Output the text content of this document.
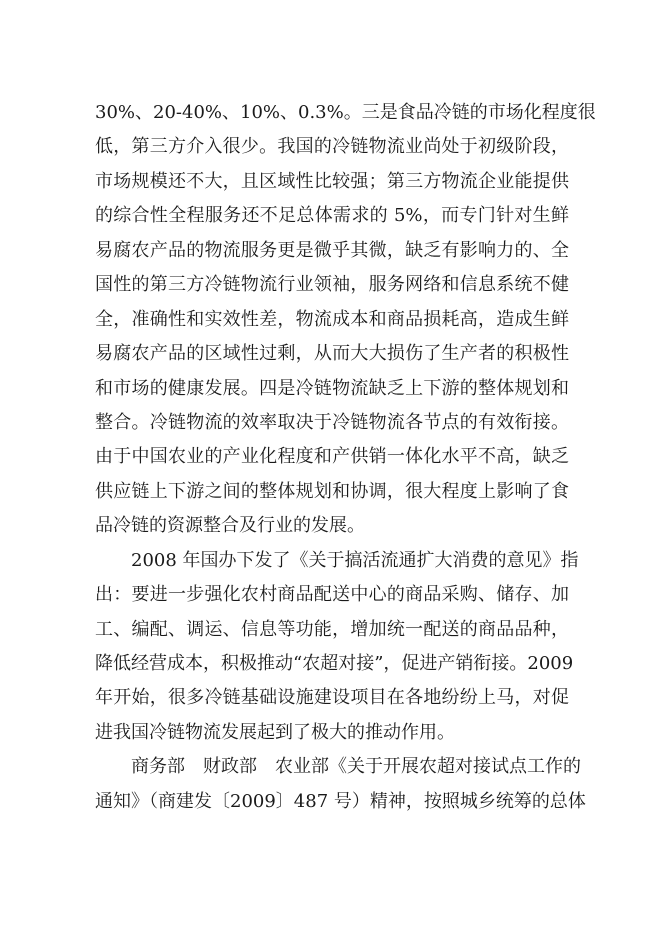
30%、20-40%、10%、0.3%。三是食品冷链的市场化程度很
低，第三方介入很少。我国的冷链物流业尚处于初级阶段，
市场规模还不大，且区域性比较强；第三方物流企业能提供
的综合性全程服务还不足总体需求的 5%，而专门针对生鲜
易腐农产品的物流服务更是微乎其微，缺乏有影响力的、全
国性的第三方冷链物流行业领袖，服务网络和信息系统不健
全，准确性和实效性差，物流成本和商品损耗高，造成生鲜
易腐农产品的区域性过剩，从而大大损伤了生产者的积极性
和市场的健康发展。四是冷链物流缺乏上下游的整体规划和
整合。冷链物流的效率取决于冷链物流各节点的有效衔接。
由于中国农业的产业化程度和产供销一体化水平不高，缺乏
供应链上下游之间的整体规划和协调，很大程度上影响了食
品冷链的资源整合及行业的发展。
2008 年国办下发了《关于搞活流通扩大消费的意见》指
出：要进一步强化农村商品配送中心的商品采购、储存、加
工、编配、调运、信息等功能，增加统一配送的商品品种，
降低经营成本，积极推动“农超对接”，促进产销衔接。2009
年开始，很多冷链基础设施建设项目在各地纷纷上马，对促
进我国冷链物流发展起到了极大的推动作用。
商务部　财政部　农业部《关于开展农超对接试点工作的
通知》（商建发〔2009〕487 号）精神，按照城乡统筹的总体
